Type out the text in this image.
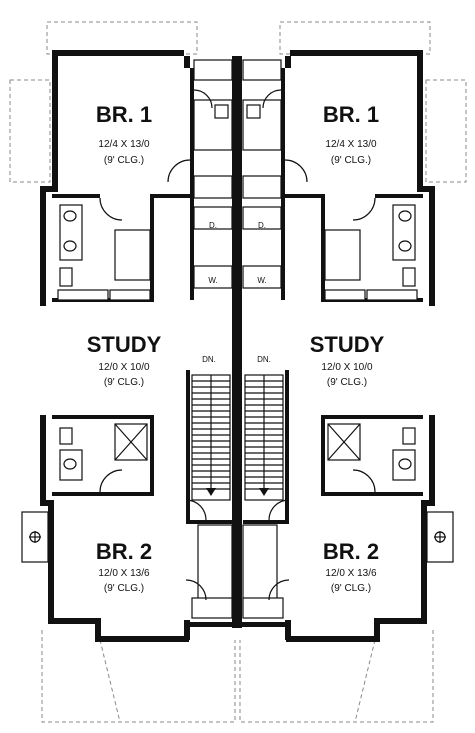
D.
W.
D.
W.
DN.	DN.
BR. 1
12/4 X 13/0
(9' CLG.)
BR. 1
12/4 X 13/0
(9' CLG.)
STUDY
12/0 X 10/0
(9' CLG.)
STUDY
12/0 X 10/0
(9' CLG.)
BR. 2
12/0 X 13/6
(9' CLG.)
BR. 2
12/0 X 13/6
(9' CLG.)
